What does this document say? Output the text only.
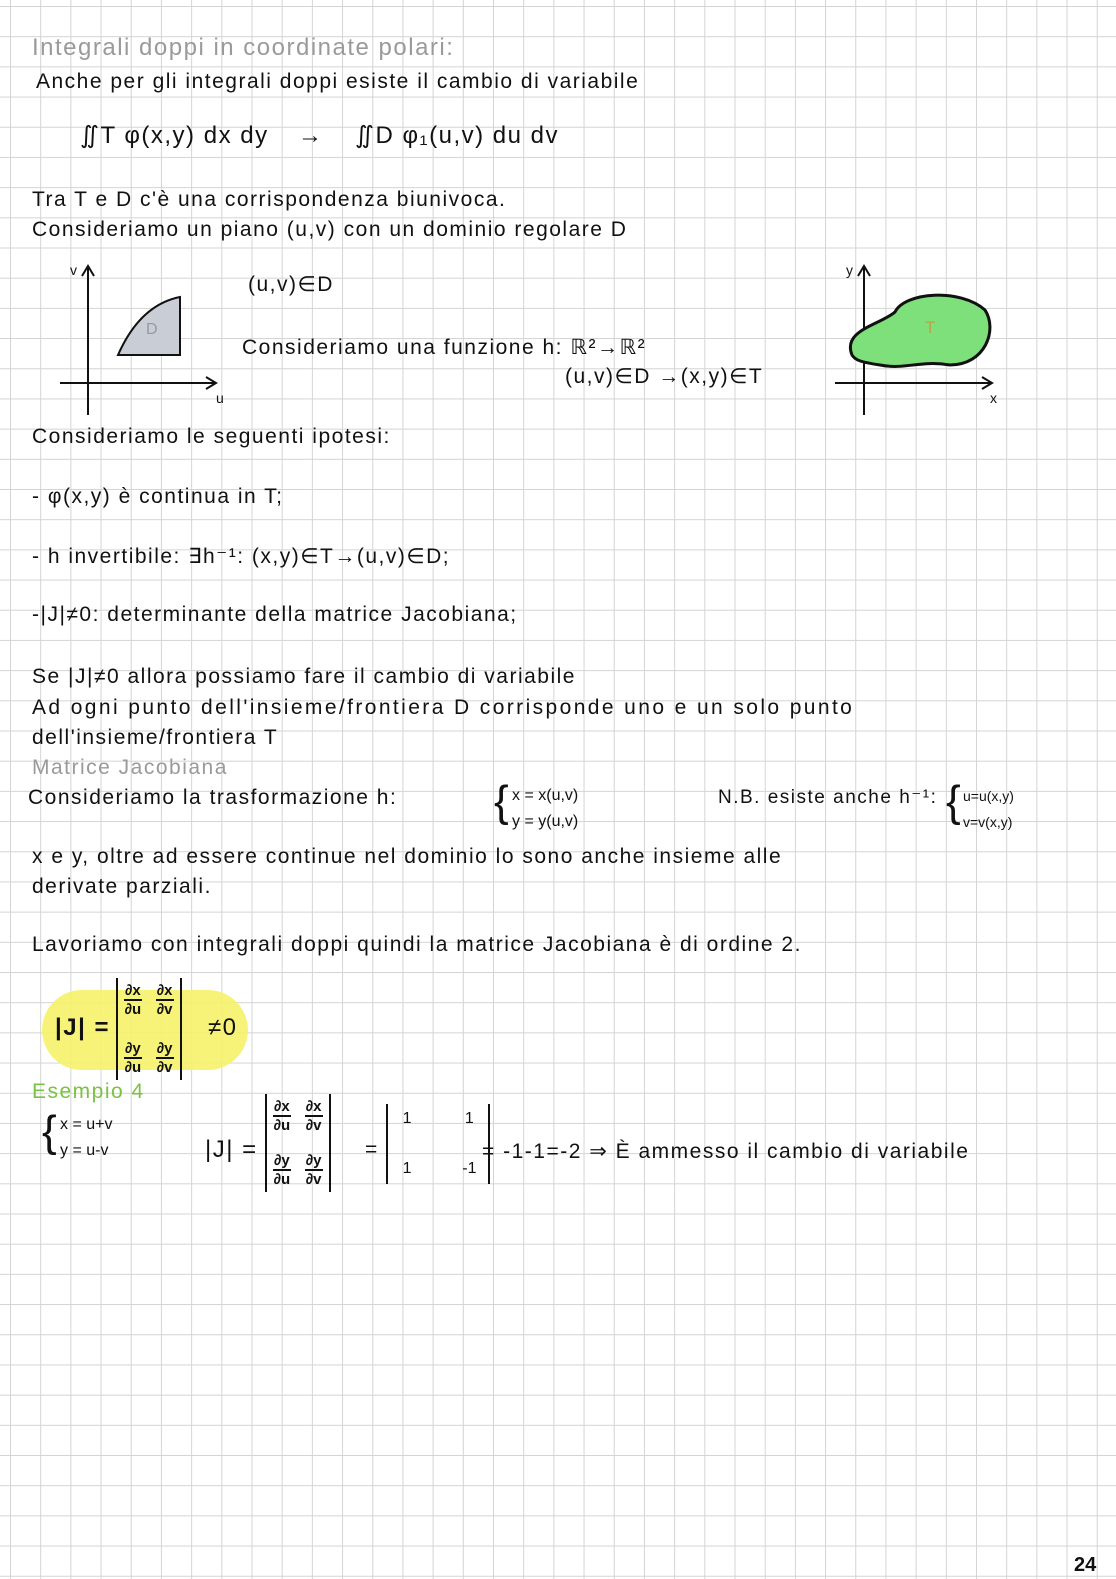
Integrali doppi in coordinate polari:
Anche per gli integrali doppi esiste il cambio di variabile
∬T φ(x,y) dx dy → ∬D φ₁(u,v) du dv
Tra T e D c'è una corrispondenza biunivoca.
Consideriamo un piano (u,v) con un dominio regolare D
v
u
D
y
x
T
(u,v)∈D
Consideriamo una funzione h: ℝ²→ℝ²
(u,v)∈D →(x,y)∈T
Consideriamo le seguenti ipotesi:
- φ(x,y) è continua in T;
- h invertibile: ∃h⁻¹: (x,y)∈T→(u,v)∈D;
-|J|≠0: determinante della matrice Jacobiana;
Se |J|≠0 allora possiamo fare il cambio di variabile
Ad ogni punto dell'insieme/frontiera D corrisponde uno e un solo punto
dell'insieme/frontiera T
Matrice Jacobiana
Consideriamo la trasformazione h: { x = x(u,v)
y = y(u,v)
N.B. esiste anche h⁻¹: { u=u(x,y)
v=v(x,y)
x e y, oltre ad essere continue nel dominio lo sono anche insieme alle
derivate parziali.
Lavoriamo con integrali doppi quindi la matrice Jacobiana è di ordine 2.
|J| =
$\frac{\partial x}{\partial u} \frac{\partial x}{\partial v}$
$\frac{\partial y}{\partial u} \frac{\partial y}{\partial v}$
≠0
Esempio 4
{ x = u+v
y = u-v	|J| =
$\frac{\partial x}{\partial u} \frac{\partial x}{\partial v}$
$\frac{\partial y}{\partial u} \frac{\partial y}{\partial v}$
=
1	1
1	-1
= -1-1=-2 ⇒ È ammesso il cambio di variabile
24
